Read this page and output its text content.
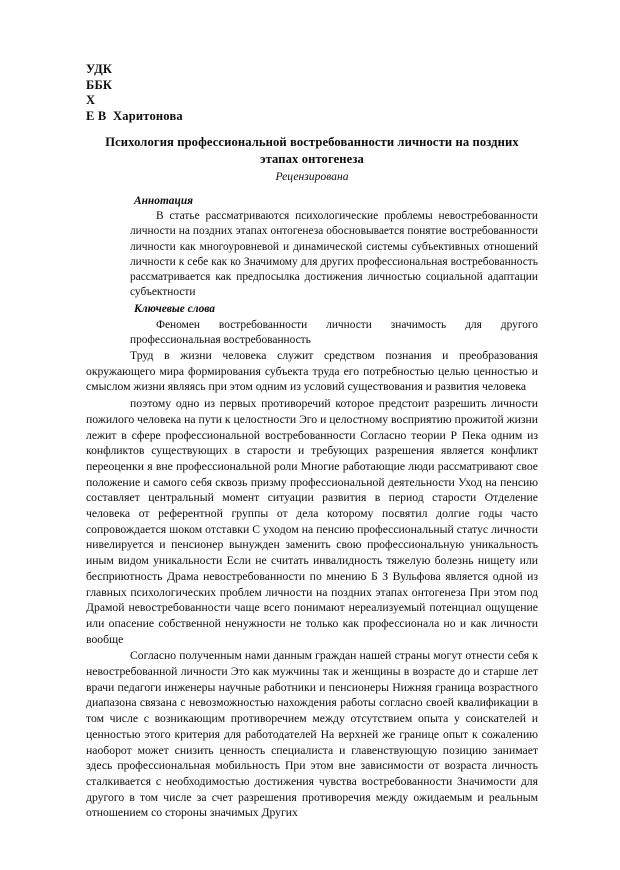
УДК
ББК
Х
Е В  Харитонова
Психология профессиональной востребованности личности на поздних этапах онтогенеза
Рецензирована
Аннотация

В статье рассматриваются психологические проблемы невостребованности личности на поздних этапах онтогенеза обосновывается понятие востребованности личности как многоуровневой и динамической системы субъективных отношений личности к себе как ко Значимому для других профессиональная востребованность рассматривается как предпосылка достижения личностью социальной адаптации субъектности

Ключевые слова

Феномен востребованности личности значимость для другого профессиональная востребованность

Труд в жизни человека служит средством познания и преобразования окружающего мира формирования субъекта труда его потребностью целью ценностью и смыслом жизни являясь при этом одним из условий существования и развития человека

поэтому одно из первых противоречий которое предстоит разрешить личности пожилого человека на пути к целостности Эго и целостному восприятию прожитой жизни лежит в сфере профессиональной востребованности Согласно теории Р Пека одним из конфликтов существующих в старости и требующих разрешения является конфликт переоценки я вне профессиональной роли Многие работающие люди рассматривают свое положение и самого себя сквозь призму профессиональной деятельности Уход на пенсию составляет центральный момент ситуации развития в период старости Отделение человека от референтной группы от дела которому посвятил долгие годы часто сопровождается шоком отставки С уходом на пенсию профессиональный статус личности нивелируется и пенсионер вынужден заменить свою профессиональную уникальность иным видом уникальности Если не считать инвалидность тяжелую болезнь нищету или бесприютность Драма невостребованности по мнению Б З Вульфова является одной из главных психологических проблем личности на поздних этапах онтогенеза При этом под Драмой невостребованности чаще всего понимают нереализуемый потенциал ощущение или опасение собственной ненужности не только как профессионала но и как личности вообще

Согласно полученным нами данным граждан нашей страны могут отнести себя к невостребованной личности Это как мужчины так и женщины в возрасте до и старше лет врачи педагоги инженеры научные работники и пенсионеры Нижняя граница возрастного диапазона связана с невозможностью нахождения работы согласно своей квалификации в том числе с возникающим противоречием между отсутствием опыта у соискателей и ценностью этого критерия для работодателей На верхней же границе опыт к сожалению наоборот может снизить ценность специалиста и главенствующую позицию занимает здесь профессиональная мобильность При этом вне зависимости от возраста личность сталкивается с необходимостью достижения чувства востребованности Значимости для другого в том числе за счет разрешения противоречия между ожидаемым и реальным отношением со стороны значимых Других
